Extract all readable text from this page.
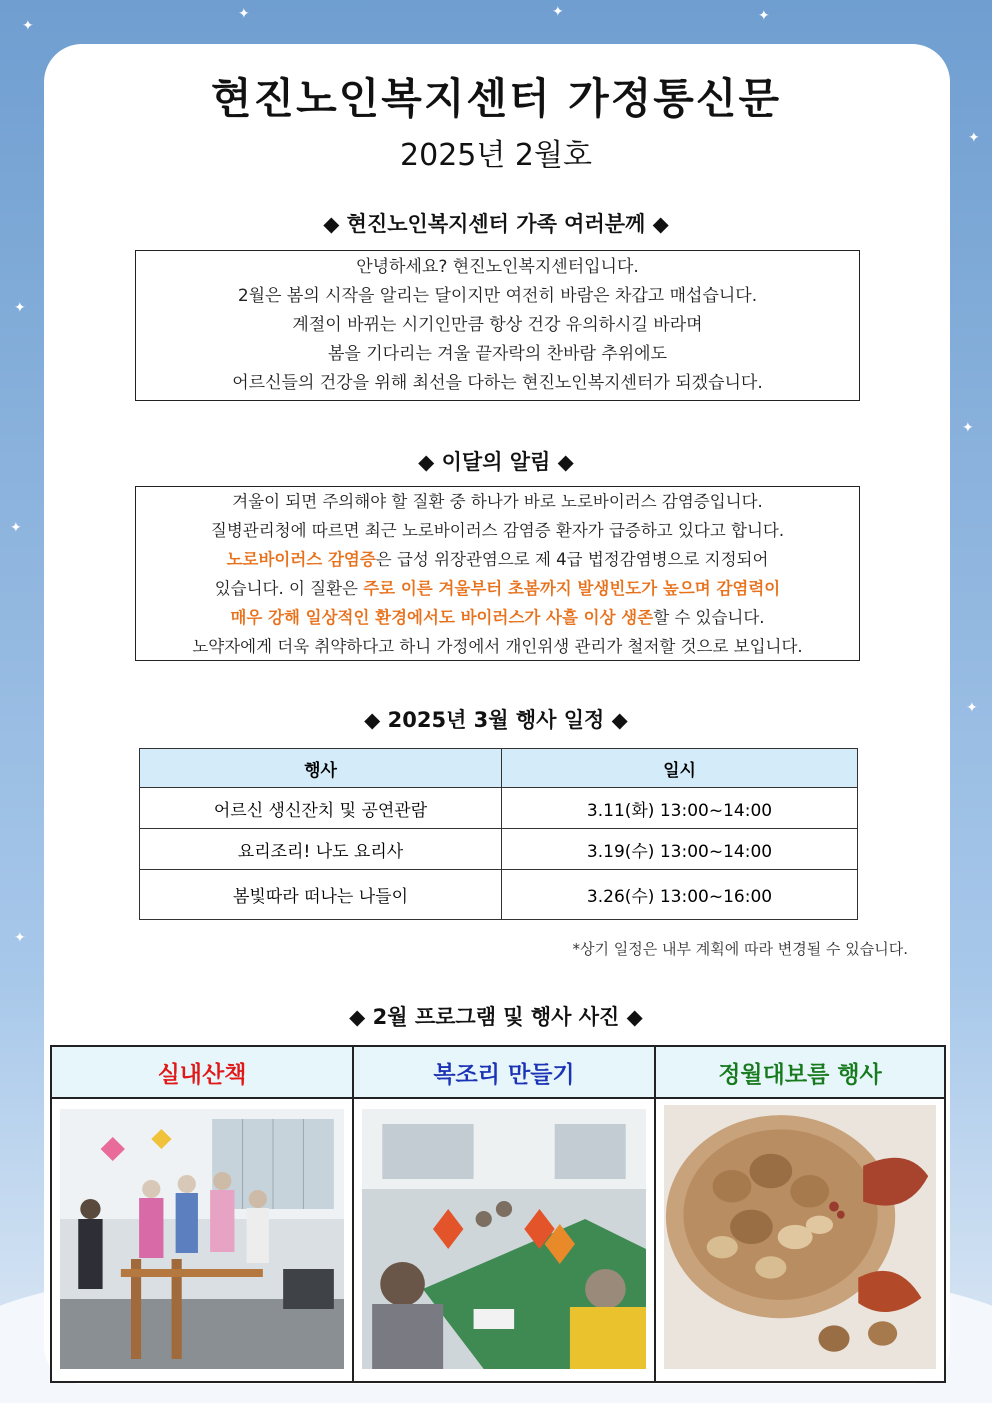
✦
✦	✦	✦
✦
✦
✦
✦
✦
✦
현진노인복지센터 가정통신문
2025년 2월호
◆ 현진노인복지센터 가족 여러분께 ◆
안녕하세요? 현진노인복지센터입니다.
2월은 봄의 시작을 알리는 달이지만 여전히 바람은 차갑고 매섭습니다.
계절이 바뀌는 시기인만큼 항상 건강 유의하시길 바라며
봄을 기다리는 겨울 끝자락의 찬바람 추위에도
어르신들의 건강을 위해 최선을 다하는 현진노인복지센터가 되겠습니다.
◆ 이달의 알림 ◆
겨울이 되면 주의해야 할 질환 중 하나가 바로 노로바이러스 감염증입니다.
질병관리청에 따르면 최근 노로바이러스 감염증 환자가 급증하고 있다고 합니다.
노로바이러스 감염증은 급성 위장관염으로 제 4급 법정감염병으로 지정되어
있습니다. 이 질환은 주로 이른 겨울부터 초봄까지 발생빈도가 높으며 감염력이
매우 강해 일상적인 환경에서도 바이러스가 사흘 이상 생존할 수 있습니다.
노약자에게 더욱 취약하다고 하니 가정에서 개인위생 관리가 철저할 것으로 보입니다.
◆ 2025년 3월 행사 일정 ◆
행사	일시
어르신 생신잔치 및 공연관람	3.11(화) 13:00~14:00
요리조리! 나도 요리사	3.19(수) 13:00~14:00
봄빛따라 떠나는 나들이	3.26(수) 13:00~16:00
*상기 일정은 내부 계획에 따라 변경될 수 있습니다.
◆ 2월 프로그램 및 행사 사진 ◆
실내산책	복조리 만들기	정월대보름 행사
